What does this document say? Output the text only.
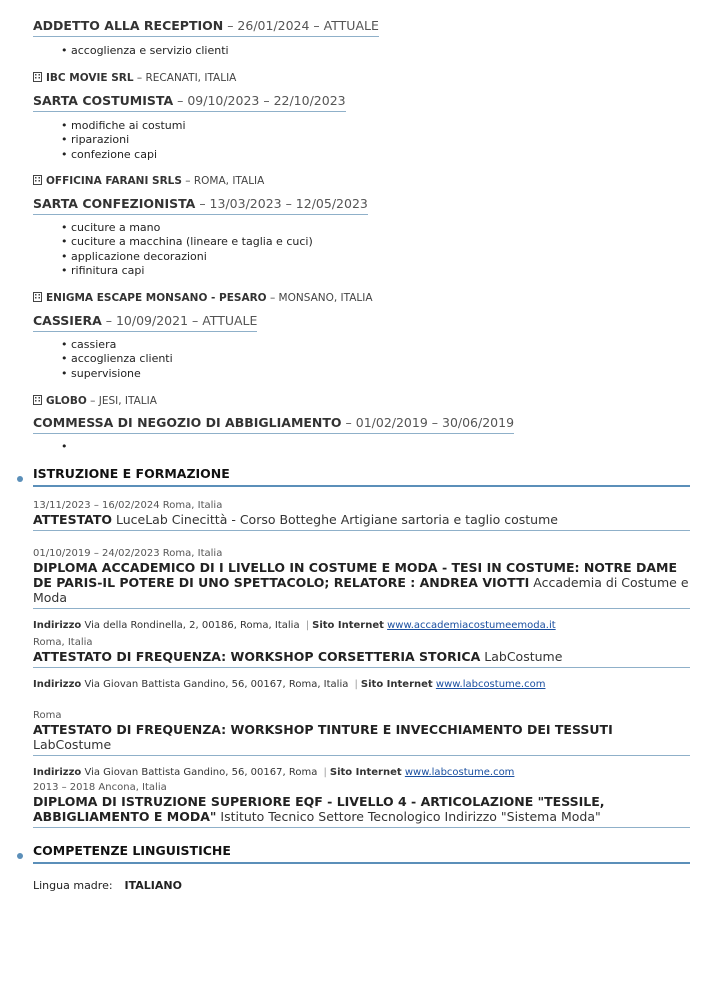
ADDETTO ALLA RECEPTION – 26/01/2024 – ATTUALE
• accoglienza e servizio clienti
IBC MOVIE SRL – RECANATI, ITALIA
SARTA COSTUMISTA – 09/10/2023 – 22/10/2023
• modifiche ai costumi
• riparazioni
• confezione capi
OFFICINA FARANI SRLS – ROMA, ITALIA
SARTA CONFEZIONISTA – 13/03/2023 – 12/05/2023
• cuciture a mano
• cuciture a macchina (lineare e taglia e cuci)
• applicazione decorazioni
• rifinitura capi
ENIGMA ESCAPE MONSANO - PESARO – MONSANO, ITALIA
CASSIERA – 10/09/2021 – ATTUALE
• cassiera
• accoglienza clienti
• supervisione
GLOBO – JESI, ITALIA
COMMESSA DI NEGOZIO DI ABBIGLIAMENTO – 01/02/2019 – 30/06/2019
•
ISTRUZIONE E FORMAZIONE
13/11/2023 – 16/02/2024 Roma, Italia
ATTESTATO LuceLab Cinecittà - Corso Botteghe Artigiane sartoria e taglio costume
01/10/2019 – 24/02/2023 Roma, Italia
DIPLOMA ACCADEMICO DI I LIVELLO IN COSTUME E MODA - TESI IN COSTUME: NOTRE DAME DE PARIS-IL POTERE DI UNO SPETTACOLO; RELATORE : ANDREA VIOTTI Accademia di Costume e Moda
Indirizzo Via della Rondinella, 2, 00186, Roma, Italia | Sito Internet www.accademiacostumeemoda.it
Roma, Italia
ATTESTATO DI FREQUENZA: WORKSHOP CORSETTERIA STORICA LabCostume
Indirizzo Via Giovan Battista Gandino, 56, 00167, Roma, Italia | Sito Internet www.labcostume.com
Roma
ATTESTATO DI FREQUENZA: WORKSHOP TINTURE E INVECCHIAMENTO DEI TESSUTI LabCostume
Indirizzo Via Giovan Battista Gandino, 56, 00167, Roma | Sito Internet www.labcostume.com
2013 – 2018 Ancona, Italia
DIPLOMA DI ISTRUZIONE SUPERIORE EQF - LIVELLO 4 - ARTICOLAZIONE "TESSILE, ABBIGLIAMENTO E MODA" Istituto Tecnico Settore Tecnologico Indirizzo "Sistema Moda"
COMPETENZE LINGUISTICHE
Lingua madre: ITALIANO
